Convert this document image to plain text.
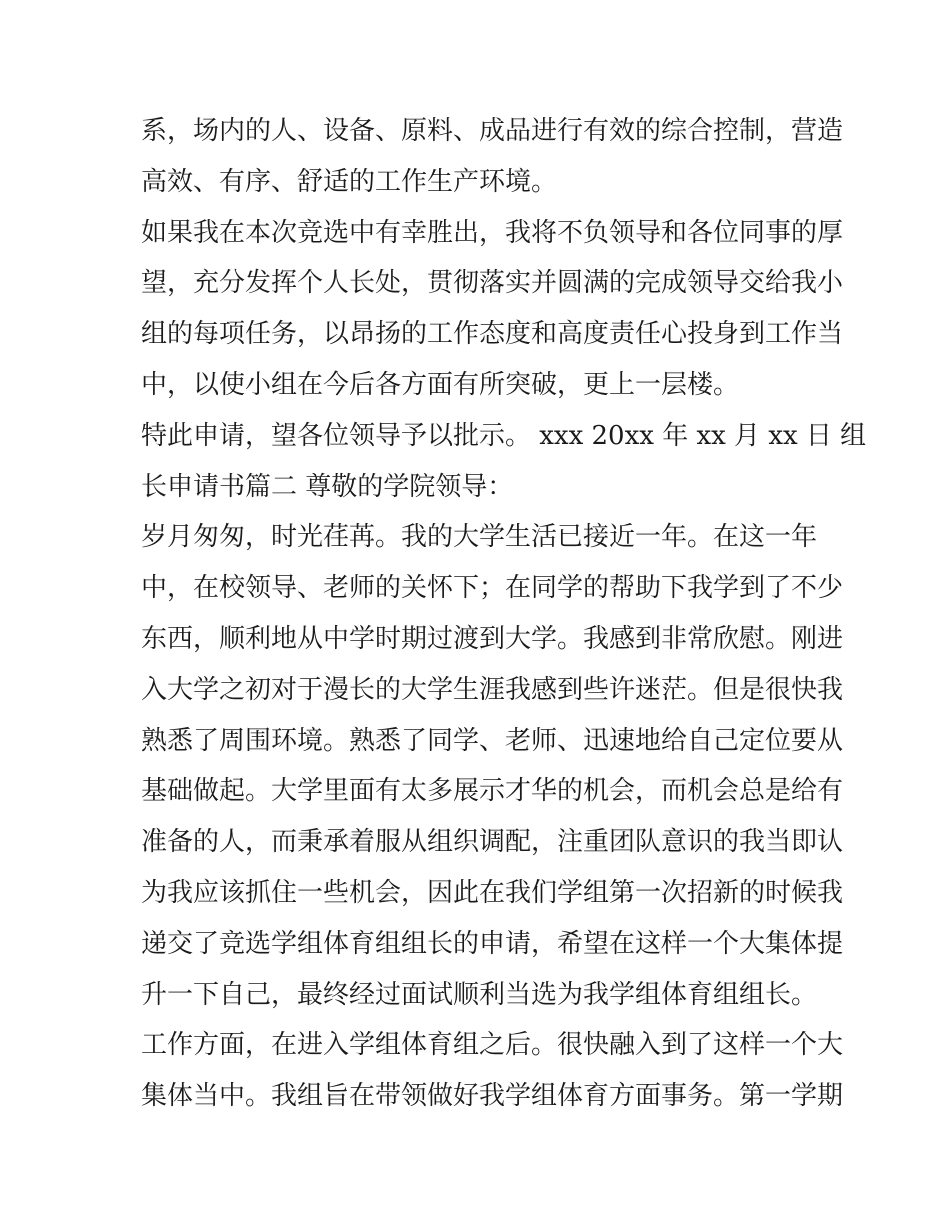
系，场内的人、设备、原料、成品进行有效的综合控制，营造
高效、有序、舒适的工作生产环境。
如果我在本次竞选中有幸胜出，我将不负领导和各位同事的厚
望，充分发挥个人长处，贯彻落实并圆满的完成领导交给我小
组的每项任务，以昂扬的工作态度和高度责任心投身到工作当
中，以使小组在今后各方面有所突破，更上一层楼。
特此申请，望各位领导予以批示。 xxx 20xx 年 xx 月 xx 日 组
长申请书篇二 尊敬的学院领导：
岁月匆匆，时光荏苒。我的大学生活已接近一年。在这一年
中，在校领导、老师的关怀下；在同学的帮助下我学到了不少
东西，顺利地从中学时期过渡到大学。我感到非常欣慰。刚进
入大学之初对于漫长的大学生涯我感到些许迷茫。但是很快我
熟悉了周围环境。熟悉了同学、老师、迅速地给自己定位要从
基础做起。大学里面有太多展示才华的机会，而机会总是给有
准备的人，而秉承着服从组织调配，注重团队意识的我当即认
为我应该抓住一些机会，因此在我们学组第一次招新的时候我
递交了竞选学组体育组组长的申请，希望在这样一个大集体提
升一下自己，最终经过面试顺利当选为我学组体育组组长。
工作方面，在进入学组体育组之后。很快融入到了这样一个大
集体当中。我组旨在带领做好我学组体育方面事务。第一学期
